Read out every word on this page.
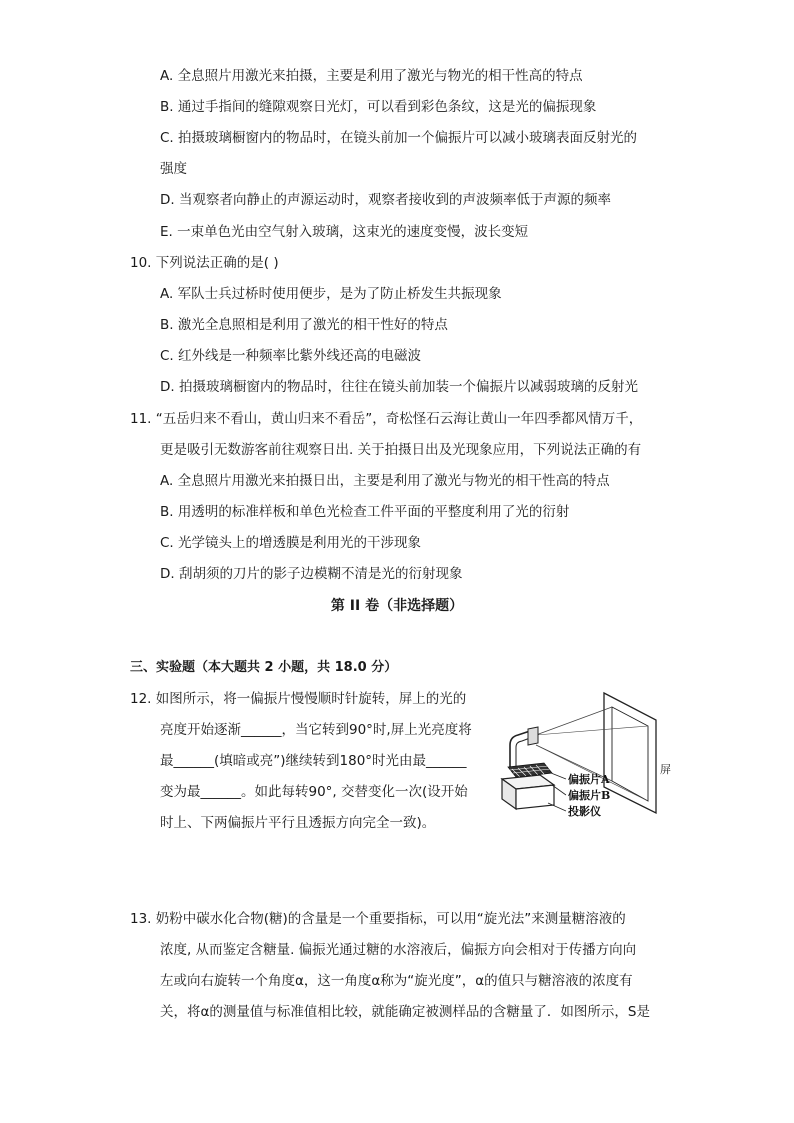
A. 全息照片用激光来拍摄，主要是利用了激光与物光的相干性高的特点
B. 通过手指间的缝隙观察日光灯，可以看到彩色条纹，这是光的偏振现象
C. 拍摄玻璃橱窗内的物品时，在镜头前加一个偏振片可以减小玻璃表面反射光的
强度
D. 当观察者向静止的声源运动时，观察者接收到的声波频率低于声源的频率
E. 一束单色光由空气射入玻璃，这束光的速度变慢，波长变短
10. 下列说法正确的是( )
A. 军队士兵过桥时使用便步，是为了防止桥发生共振现象
B. 激光全息照相是利用了激光的相干性好的特点
C. 红外线是一种频率比紫外线还高的电磁波
D. 拍摄玻璃橱窗内的物品时，往往在镜头前加装一个偏振片以减弱玻璃的反射光
11. “五岳归来不看山，黄山归来不看岳”，奇松怪石云海让黄山一年四季都风情万千，
更是吸引无数游客前往观察日出. 关于拍摄日出及光现象应用，下列说法正确的有
A. 全息照片用激光来拍摄日出，主要是利用了激光与物光的相干性高的特点
B. 用透明的标准样板和单色光检查工件平面的平整度利用了光的衍射
C. 光学镜头上的增透膜是利用光的干涉现象
D. 刮胡须的刀片的影子边模糊不清是光的衍射现象
第 II 卷（非选择题）
三、实验题（本大题共 2 小题，共 18.0 分）
12. 如图所示，将一偏振片慢慢顺时针旋转，屏上的光的
亮度开始逐渐______，当它转到90°时,屏上光亮度将
最______(填暗或亮”)继续转到180°时光由最______
变为最______。如此每转90°, 交替变化一次(设开始
时上、下两偏振片平行且透振方向完全一致)。
屏
偏振片A
偏振片B
投影仪
13. 奶粉中碳水化合物(糖)的含量是一个重要指标，可以用“旋光法”来测量糖溶液的
浓度, 从而鉴定含糖量. 偏振光通过糖的水溶液后，偏振方向会相对于传播方向向
左或向右旋转一个角度α，这一角度α称为“旋光度”，α的值只与糖溶液的浓度有
关，将α的测量值与标准值相比较，就能确定被测样品的含糖量了．如图所示，S是
